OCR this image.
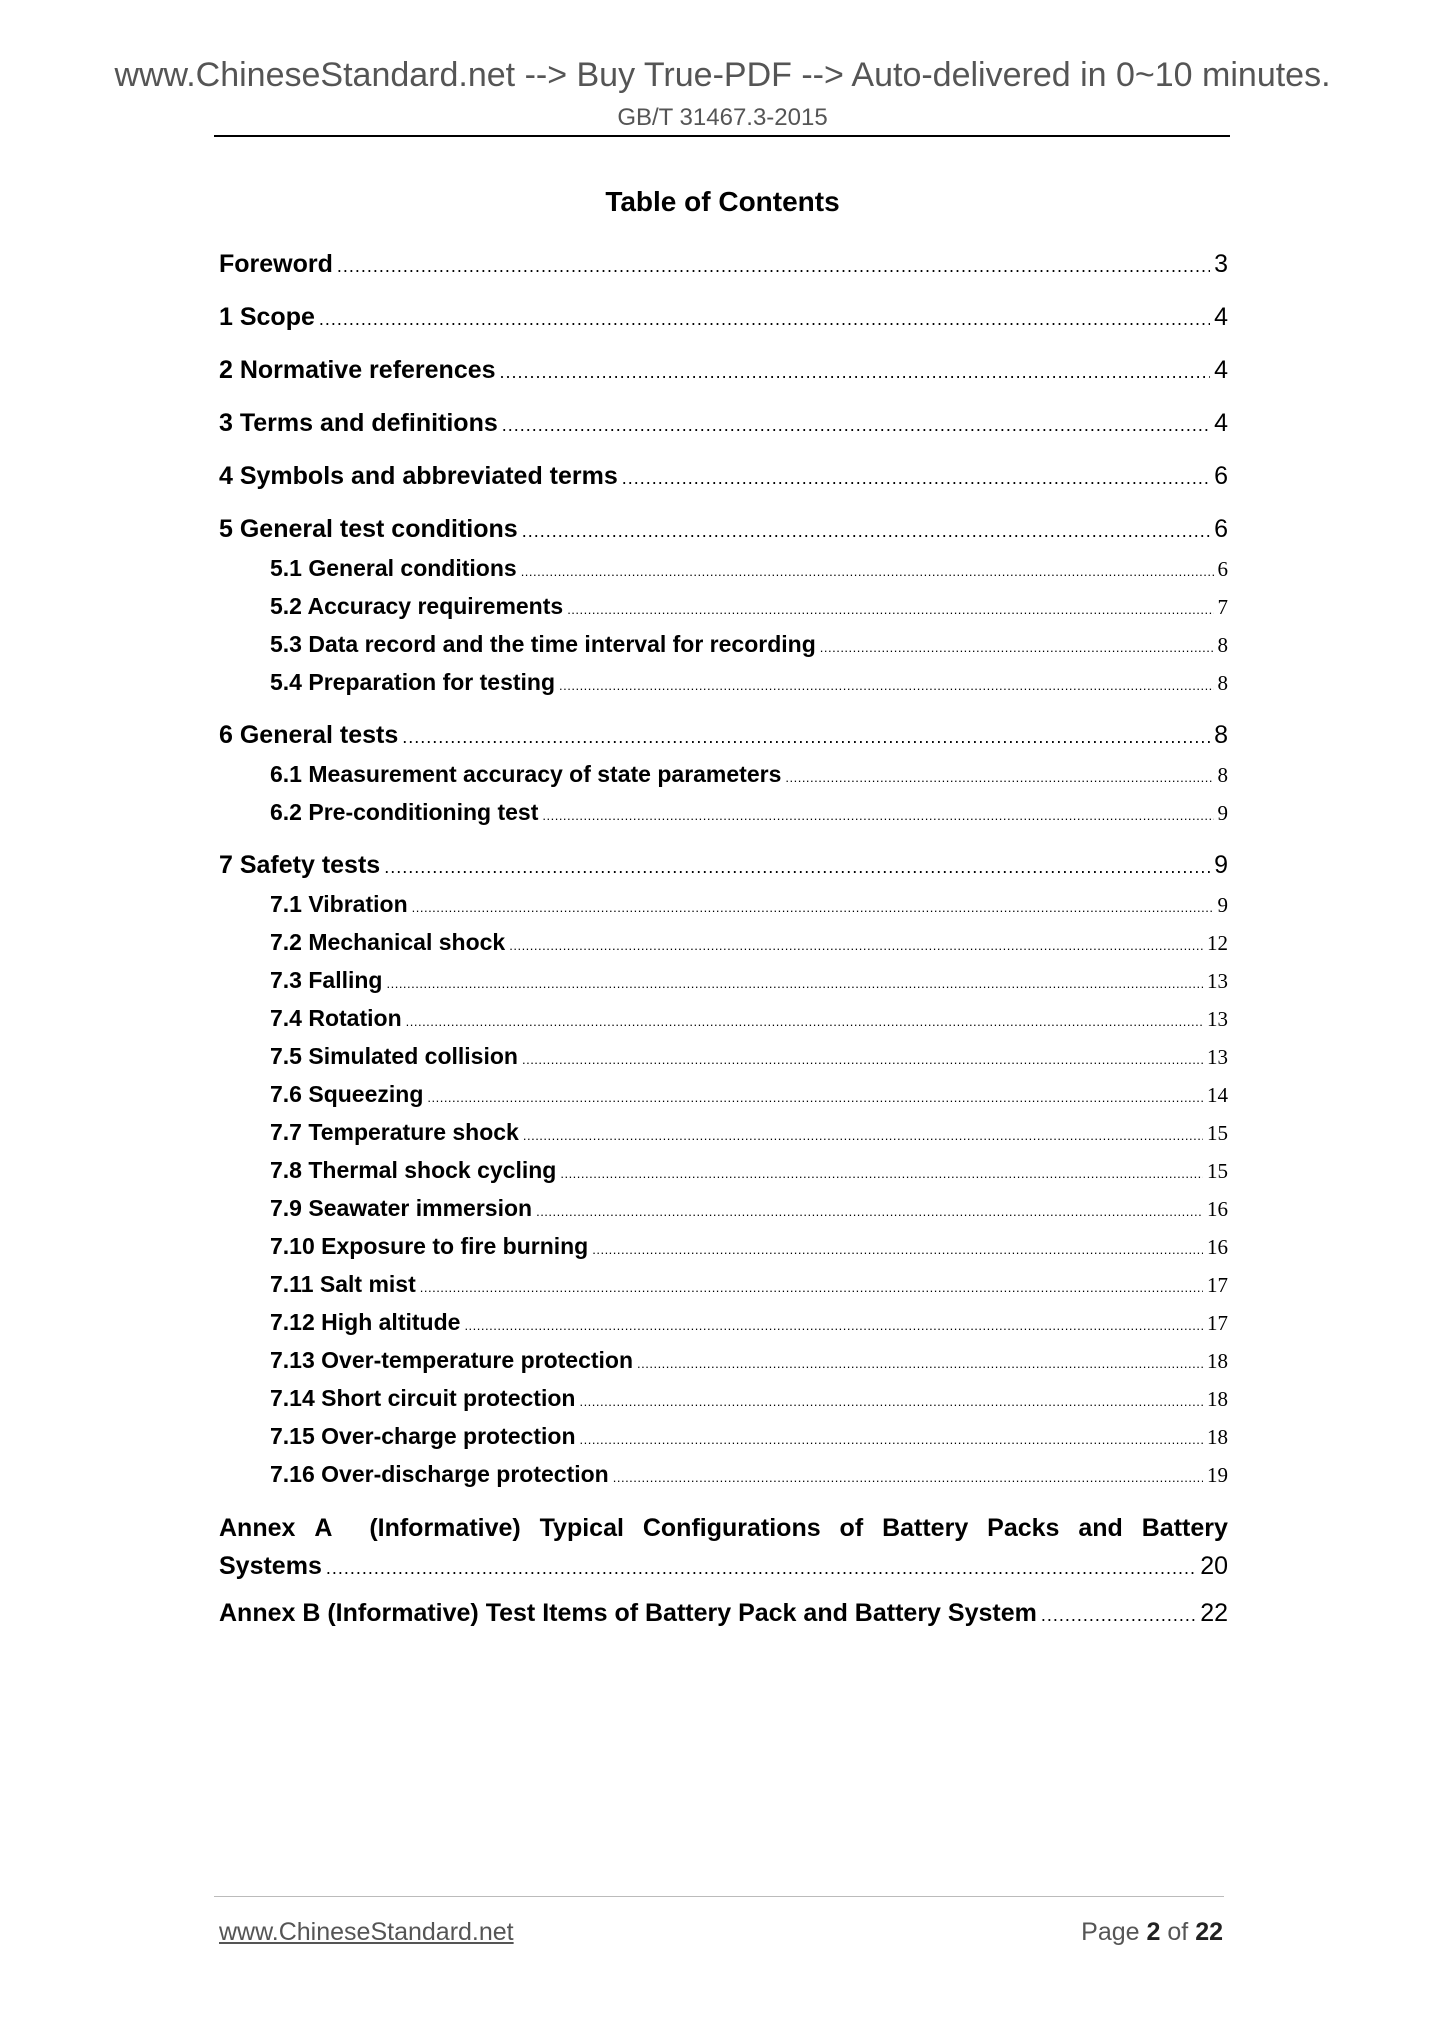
www.ChineseStandard.net --> Buy True-PDF --> Auto-delivered in 0~10 minutes.
GB/T 31467.3-2015
Table of Contents
Foreword .....	3
1 Scope .....	4
2 Normative references .....	4
3 Terms and definitions .....	4
4 Symbols and abbreviated terms .....	6
5 General test conditions .....	6
5.1 General conditions .....	6
5.2 Accuracy requirements .....	7
5.3 Data record and the time interval for recording .....	8
5.4 Preparation for testing .....	8
6 General tests .....	8
6.1 Measurement accuracy of state parameters .....	8
6.2 Pre-conditioning test .....	9
7 Safety tests .....	9
7.1 Vibration .....	9
7.2 Mechanical shock .....	12
7.3 Falling .....	13
7.4 Rotation .....	13
7.5 Simulated collision .....	13
7.6 Squeezing .....	14
7.7 Temperature shock .....	15
7.8 Thermal shock cycling .....	15
7.9 Seawater immersion .....	16
7.10 Exposure to fire burning .....	16
7.11 Salt mist .....	17
7.12 High altitude .....	17
7.13 Over-temperature protection .....	18
7.14 Short circuit protection .....	18
7.15 Over-charge protection .....	18
7.16 Over-discharge protection .....	19
Annex A (Informative) Typical Configurations of Battery Packs and Battery
Systems .....	20
Annex B (Informative) Test Items of Battery Pack and Battery System .....	22
www.ChineseStandard.net	Page 2 of 22
